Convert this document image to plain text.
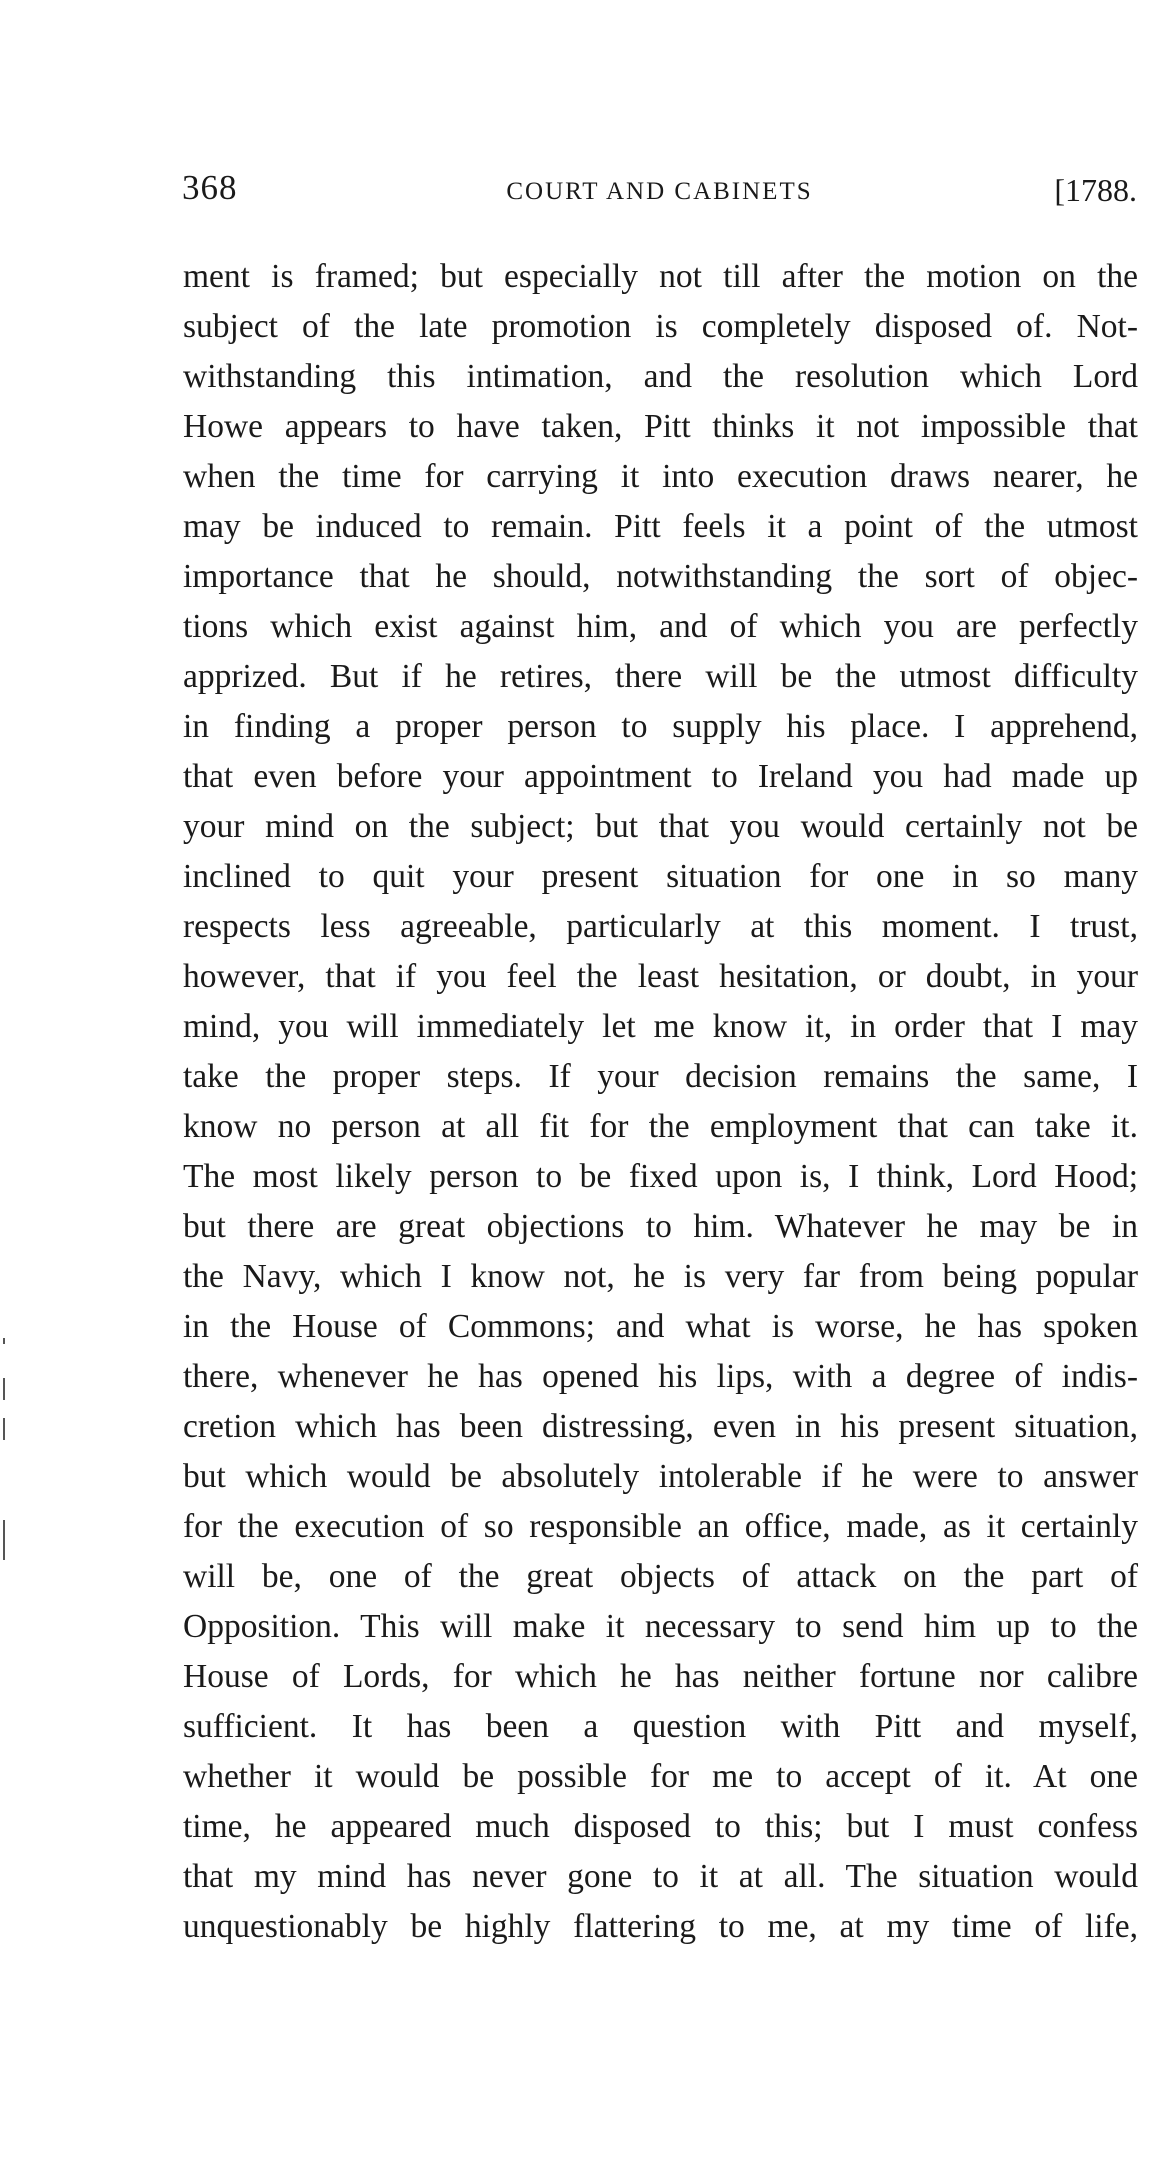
368	COURT AND CABINETS	[1788.
ment is framed; but especially not till after the motion on the
subject of the late promotion is completely disposed of. Not-
withstanding this intimation, and the resolution which Lord
Howe appears to have taken, Pitt thinks it not impossible that
when the time for carrying it into execution draws nearer, he
may be induced to remain. Pitt feels it a point of the utmost
importance that he should, notwithstanding the sort of objec-
tions which exist against him, and of which you are perfectly
apprized. But if he retires, there will be the utmost difficulty
in finding a proper person to supply his place. I apprehend,
that even before your appointment to Ireland you had made up
your mind on the subject; but that you would certainly not be
inclined to quit your present situation for one in so many
respects less agreeable, particularly at this moment. I trust,
however, that if you feel the least hesitation, or doubt, in your
mind, you will immediately let me know it, in order that I may
take the proper steps. If your decision remains the same, I
know no person at all fit for the employment that can take it.
The most likely person to be fixed upon is, I think, Lord Hood;
but there are great objections to him. Whatever he may be in
the Navy, which I know not, he is very far from being popular
in the House of Commons; and what is worse, he has spoken
there, whenever he has opened his lips, with a degree of indis-
cretion which has been distressing, even in his present situation,
but which would be absolutely intolerable if he were to answer
for the execution of so responsible an office, made, as it certainly
will be, one of the great objects of attack on the part of
Opposition. This will make it necessary to send him up to the
House of Lords, for which he has neither fortune nor calibre
sufficient. It has been a question with Pitt and myself,
whether it would be possible for me to accept of it. At one
time, he appeared much disposed to this; but I must confess
that my mind has never gone to it at all. The situation would
unquestionably be highly flattering to me, at my time of life,
